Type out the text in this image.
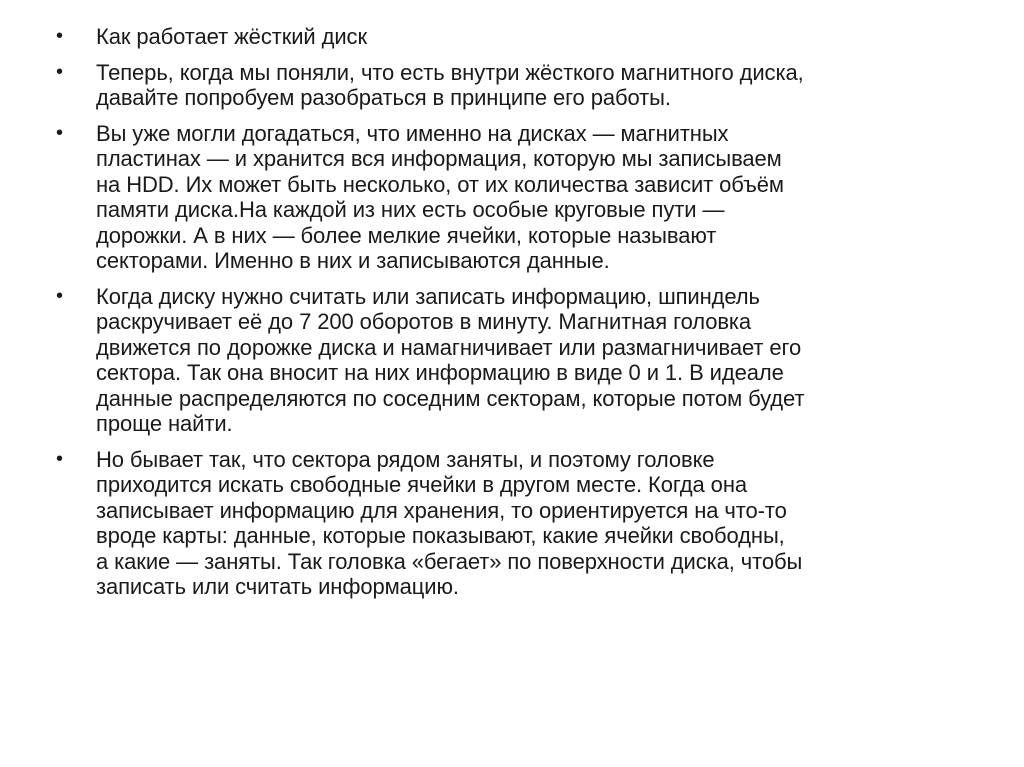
•	Как работает жёсткий диск
•	Теперь, когда мы поняли, что есть внутри жёсткого магнитного диска,
давайте попробуем разобраться в принципе его работы.
•	Вы уже могли догадаться, что именно на дисках — магнитных
пластинах — и хранится вся информация, которую мы записываем
на HDD. Их может быть несколько, от их количества зависит объём
памяти диска.На каждой из них есть особые круговые пути —
дорожки. А в них — более мелкие ячейки, которые называют
секторами. Именно в них и записываются данные.
•	Когда диску нужно считать или записать информацию, шпиндель
раскручивает её до 7 200 оборотов в минуту. Магнитная головка
движется по дорожке диска и намагничивает или размагничивает его
сектора. Так она вносит на них информацию в виде 0 и 1. В идеале
данные распределяются по соседним секторам, которые потом будет
проще найти.
•	Но бывает так, что сектора рядом заняты, и поэтому головке
приходится искать свободные ячейки в другом месте. Когда она
записывает информацию для хранения, то ориентируется на что-то
вроде карты: данные, которые показывают, какие ячейки свободны,
а какие — заняты. Так головка «бегает» по поверхности диска, чтобы
записать или считать информацию.
